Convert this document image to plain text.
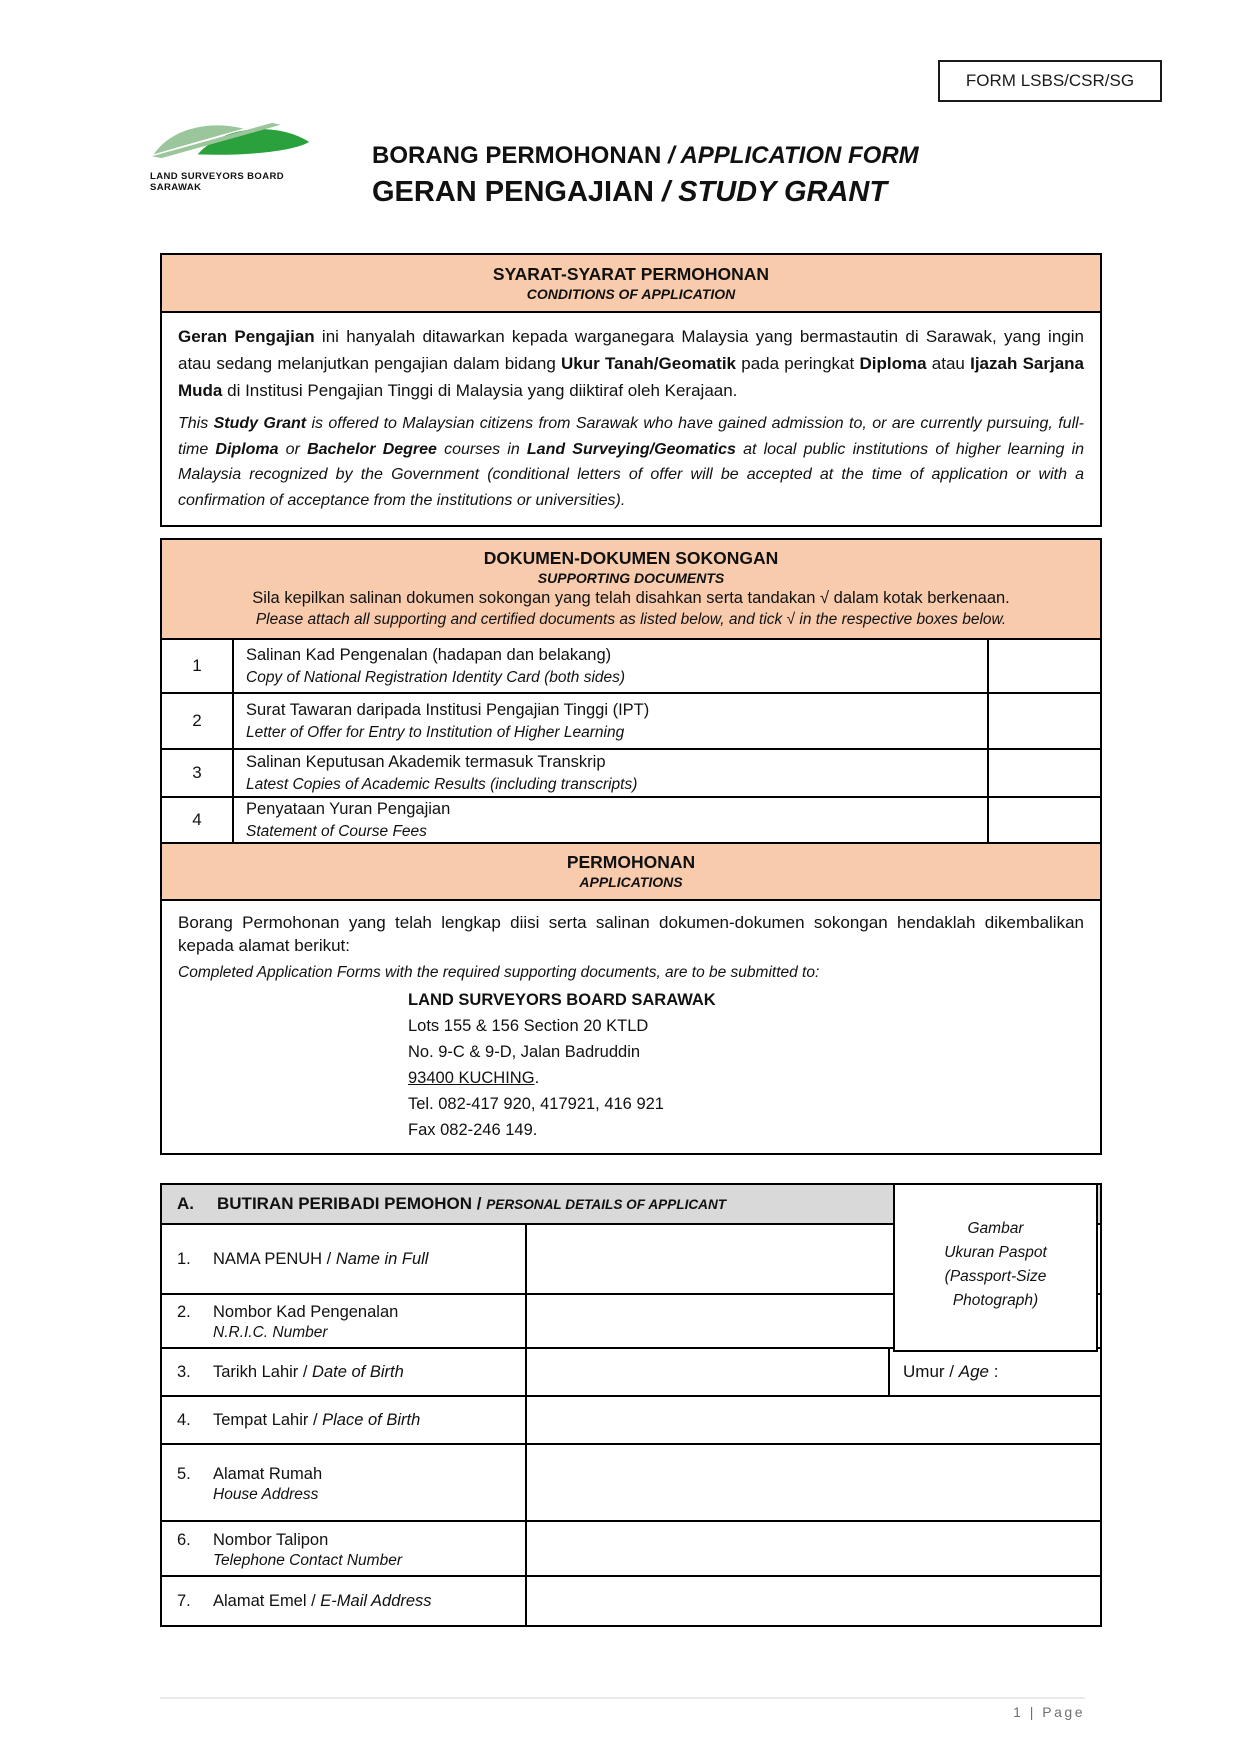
FORM LSBS/CSR/SG
LAND SURVEYORS BOARD SARAWAK
BORANG PERMOHONAN / APPLICATION FORM
GERAN PENGAJIAN / STUDY GRANT
SYARAT-SYARAT PERMOHONAN
CONDITIONS OF APPLICATION

Geran Pengajian ini hanyalah ditawarkan kepada warganegara Malaysia yang bermastautin di Sarawak, yang ingin atau sedang melanjutkan pengajian dalam bidang Ukur Tanah/Geomatik pada peringkat Diploma atau Ijazah Sarjana Muda di Institusi Pengajian Tinggi di Malaysia yang diiktiraf oleh Kerajaan.

This Study Grant is offered to Malaysian citizens from Sarawak who have gained admission to, or are currently pursuing, full-time Diploma or Bachelor Degree courses in Land Surveying/Geomatics at local public institutions of higher learning in Malaysia recognized by the Government (conditional letters of offer will be accepted at the time of application or with a confirmation of acceptance from the institutions or universities).

DOKUMEN-DOKUMEN SOKONGAN
SUPPORTING DOCUMENTS
Sila kepilkan salinan dokumen sokongan yang telah disahkan serta tandakan √ dalam kotak berkenaan.
Please attach all supporting and certified documents as listed below, and tick √ in the respective boxes below.
1
Salinan Kad Pengenalan (hadapan dan belakang)
Copy of National Registration Identity Card (both sides)
2
Surat Tawaran daripada Institusi Pengajian Tinggi (IPT)
Letter of Offer for Entry to Institution of Higher Learning
3
Salinan Keputusan Akademik termasuk Transkrip
Latest Copies of Academic Results (including transcripts)
4
Penyataan Yuran Pengajian
Statement of Course Fees
PERMOHONAN
APPLICATIONS

Borang Permohonan yang telah lengkap diisi serta salinan dokumen-dokumen sokongan hendaklah dikembalikan kepada alamat berikut:

Completed Application Forms with the required supporting documents, are to be submitted to:

LAND SURVEYORS BOARD SARAWAK
Lots 155 & 156 Section 20 KTLD
No. 9-C & 9-D, Jalan Badruddin
93400 KUCHING.
Tel. 082-417 920, 417921, 416 921
Fax 082-246 149.
A.	BUTIRAN PERIBADI PEMOHON / PERSONAL DETAILS OF APPLICANT
Gambar
Ukuran Paspot
(Passport-Size
Photograph)
1.	NAMA PENUH / Name in Full
2.	Nombor Kad Pengenalan
N.R.I.C. Number
3.	Tarikh Lahir / Date of Birth	Umur / Age :
4.	Tempat Lahir / Place of Birth
5.	Alamat Rumah
House Address
6.	Nombor Talipon
Telephone Contact Number
7.	Alamat Emel / E-Mail Address
1 | Page
